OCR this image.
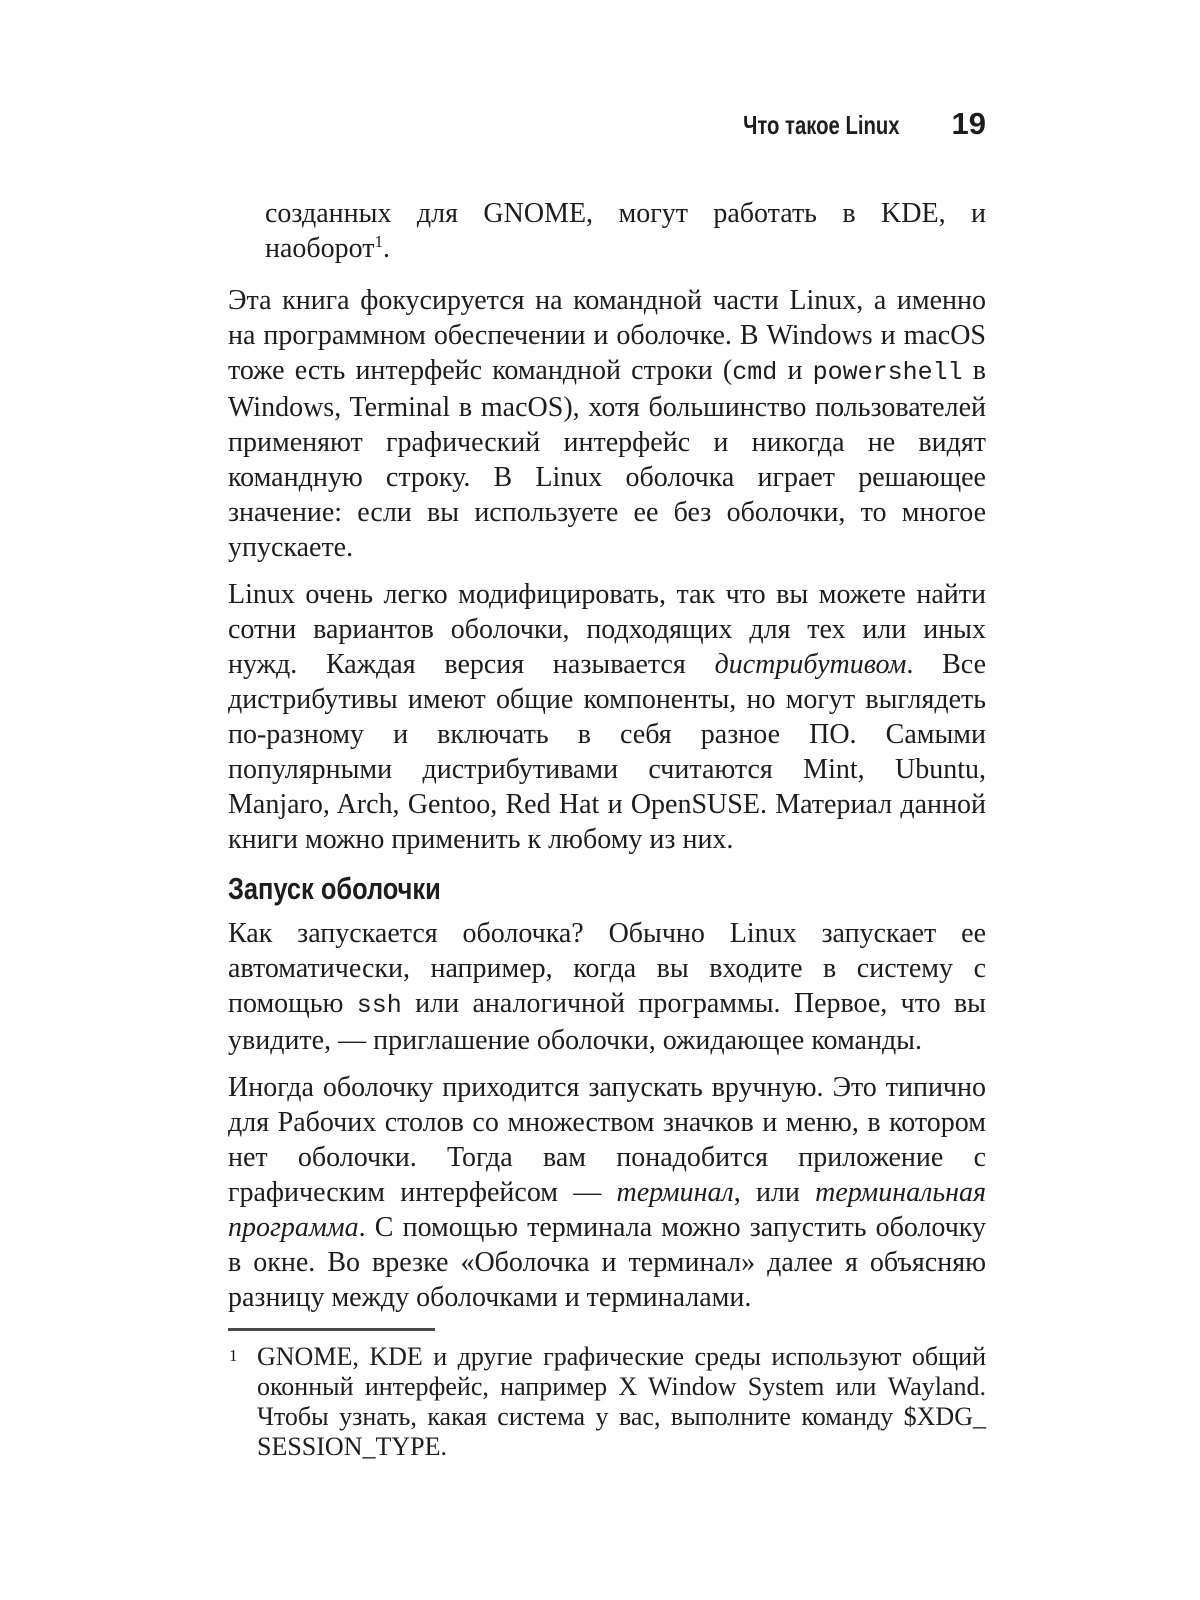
Что такое Linux 19

созданных для GNOME, могут работать в KDE, и наоборот$^1$.

Эта книга фокусируется на командной части Linux, а именно на программном обеспечении и оболочке. В Windows и macOS тоже есть интерфейс командной строки (cmd и powershell в Windows, Terminal в macOS), хотя большинство пользователей применяют графический интерфейс и никогда не видят командную строку. В Linux оболочка играет решающее значение: если вы используете ее без оболочки, то многое упускаете.

Linux очень легко модифицировать, так что вы можете найти сотни вариантов оболочки, подходящих для тех или иных нужд. Каждая версия называется дистрибутивом. Все дистрибутивы имеют общие компоненты, но могут выглядеть по-разному и включать в себя разное ПО. Самыми популярными дистрибутивами считаются Mint, Ubuntu, Manjaro, Arch, Gentoo, Red Hat и OpenSUSE. Материал данной книги можно применить к любому из них.

Запуск оболочки

Как запускается оболочка? Обычно Linux запускает ее автоматически, например, когда вы входите в систему с помощью ssh или аналогичной программы. Первое, что вы увидите, — приглашение оболочки, ожидающее команды.

Иногда оболочку приходится запускать вручную. Это типично для Рабочих столов со множеством значков и меню, в котором нет оболочки. Тогда вам понадобится приложение с графическим интерфейсом — терминал, или терминальная программа. С помощью терминала можно запустить оболочку в окне. Во врезке «Оболочка и терминал» далее я объясняю разницу между оболочками и терминалами.

1 GNOME, KDE и другие графические среды используют общий оконный интерфейс, например X Window System или Wayland. Чтобы узнать, какая система у вас, выполните команду $XDG_SESSION_TYPE.
